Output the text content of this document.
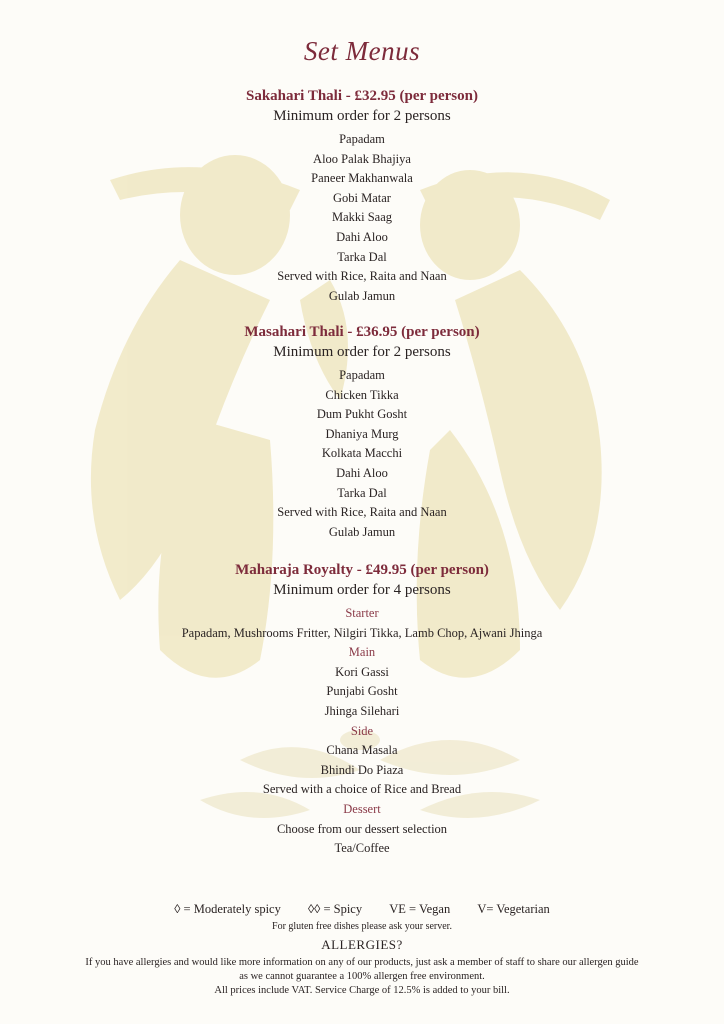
Set Menus
Sakahari Thali - £32.95 (per person)
Minimum order for 2 persons
Papadam
Aloo Palak Bhajiya
Paneer Makhanwala
Gobi Matar
Makki Saag
Dahi Aloo
Tarka Dal
Served with Rice, Raita and Naan
Gulab Jamun
Masahari Thali - £36.95 (per person)
Minimum order for 2 persons
Papadam
Chicken Tikka
Dum Pukht Gosht
Dhaniya Murg
Kolkata Macchi
Dahi Aloo
Tarka Dal
Served with Rice, Raita and Naan
Gulab Jamun
Maharaja Royalty - £49.95 (per person)
Minimum order for 4 persons
Starter
Papadam, Mushrooms Fritter, Nilgiri Tikka, Lamb Chop, Ajwani Jhinga
Main
Kori Gassi
Punjabi Gosht
Jhinga Silehari
Side
Chana Masala
Bhindi Do Piaza
Served with a choice of Rice and Bread
Dessert
Choose from our dessert selection
Tea/Coffee
◊ = Moderately spicy ◊◊ = Spicy VE = Vegan V= Vegetarian
For gluten free dishes please ask your server.
ALLERGIES?
If you have allergies and would like more information on any of our products, just ask a member of staff to share our allergen guide
as we cannot guarantee a 100% allergen free environment.
All prices include VAT. Service Charge of 12.5% is added to your bill.
